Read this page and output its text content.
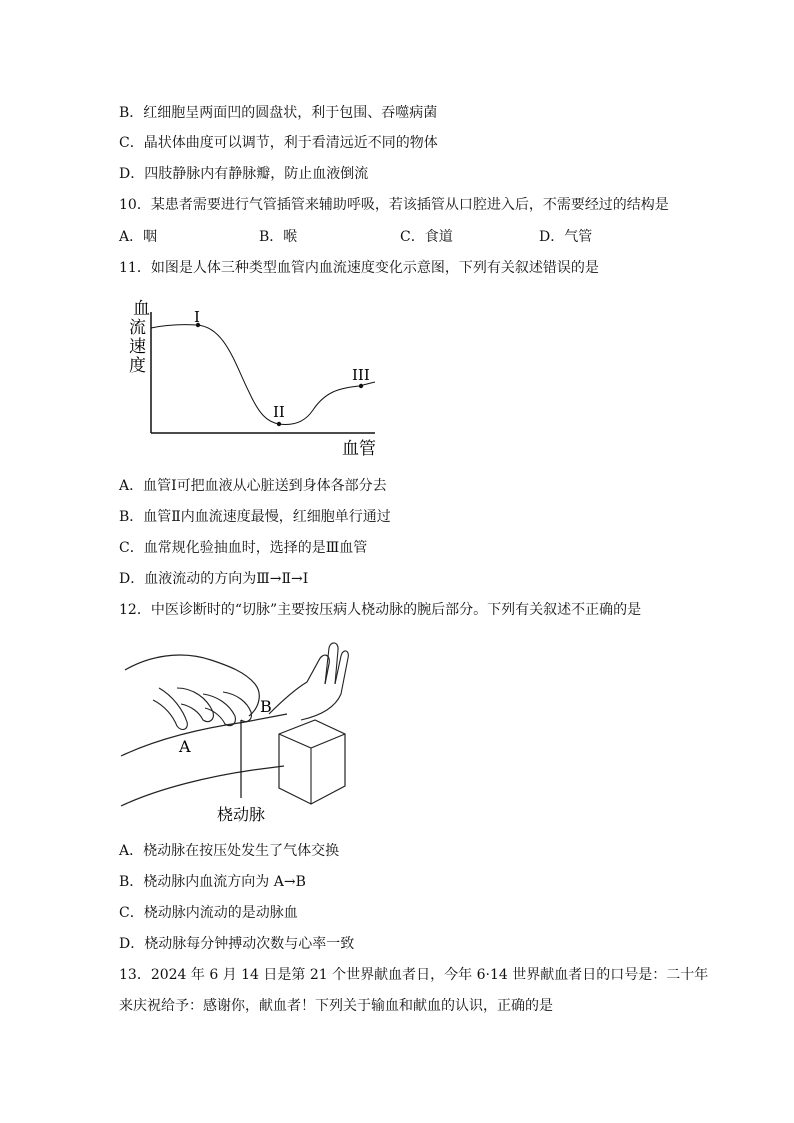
B．红细胞呈两面凹的圆盘状，利于包围、吞噬病菌
C．晶状体曲度可以调节，利于看清远近不同的物体
D．四肢静脉内有静脉瓣，防止血液倒流
10．某患者需要进行气管插管来辅助呼吸，若该插管从口腔进入后，不需要经过的结构是
A．咽	B．喉	C．食道	D．气管
11．如图是人体三种类型血管内血流速度变化示意图，下列有关叙述错误的是
血
流
速
度
I
II
III
血管
A．血管Ⅰ可把血液从心脏送到身体各部分去
B．血管Ⅱ内血流速度最慢，红细胞单行通过
C．血常规化验抽血时，选择的是Ⅲ血管
D．血液流动的方向为Ⅲ→Ⅱ→Ⅰ
12．中医诊断时的“切脉”主要按压病人桡动脉的腕后部分。下列有关叙述不正确的是
A
B
桡动脉
A．桡动脉在按压处发生了气体交换
B．桡动脉内血流方向为 A→B
C．桡动脉内流动的是动脉血
D．桡动脉每分钟搏动次数与心率一致
13．2024 年 6 月 14 日是第 21 个世界献血者日，今年 6·14 世界献血者日的口号是：二十年
来庆祝给予：感谢你，献血者！下列关于输血和献血的认识，正确的是
